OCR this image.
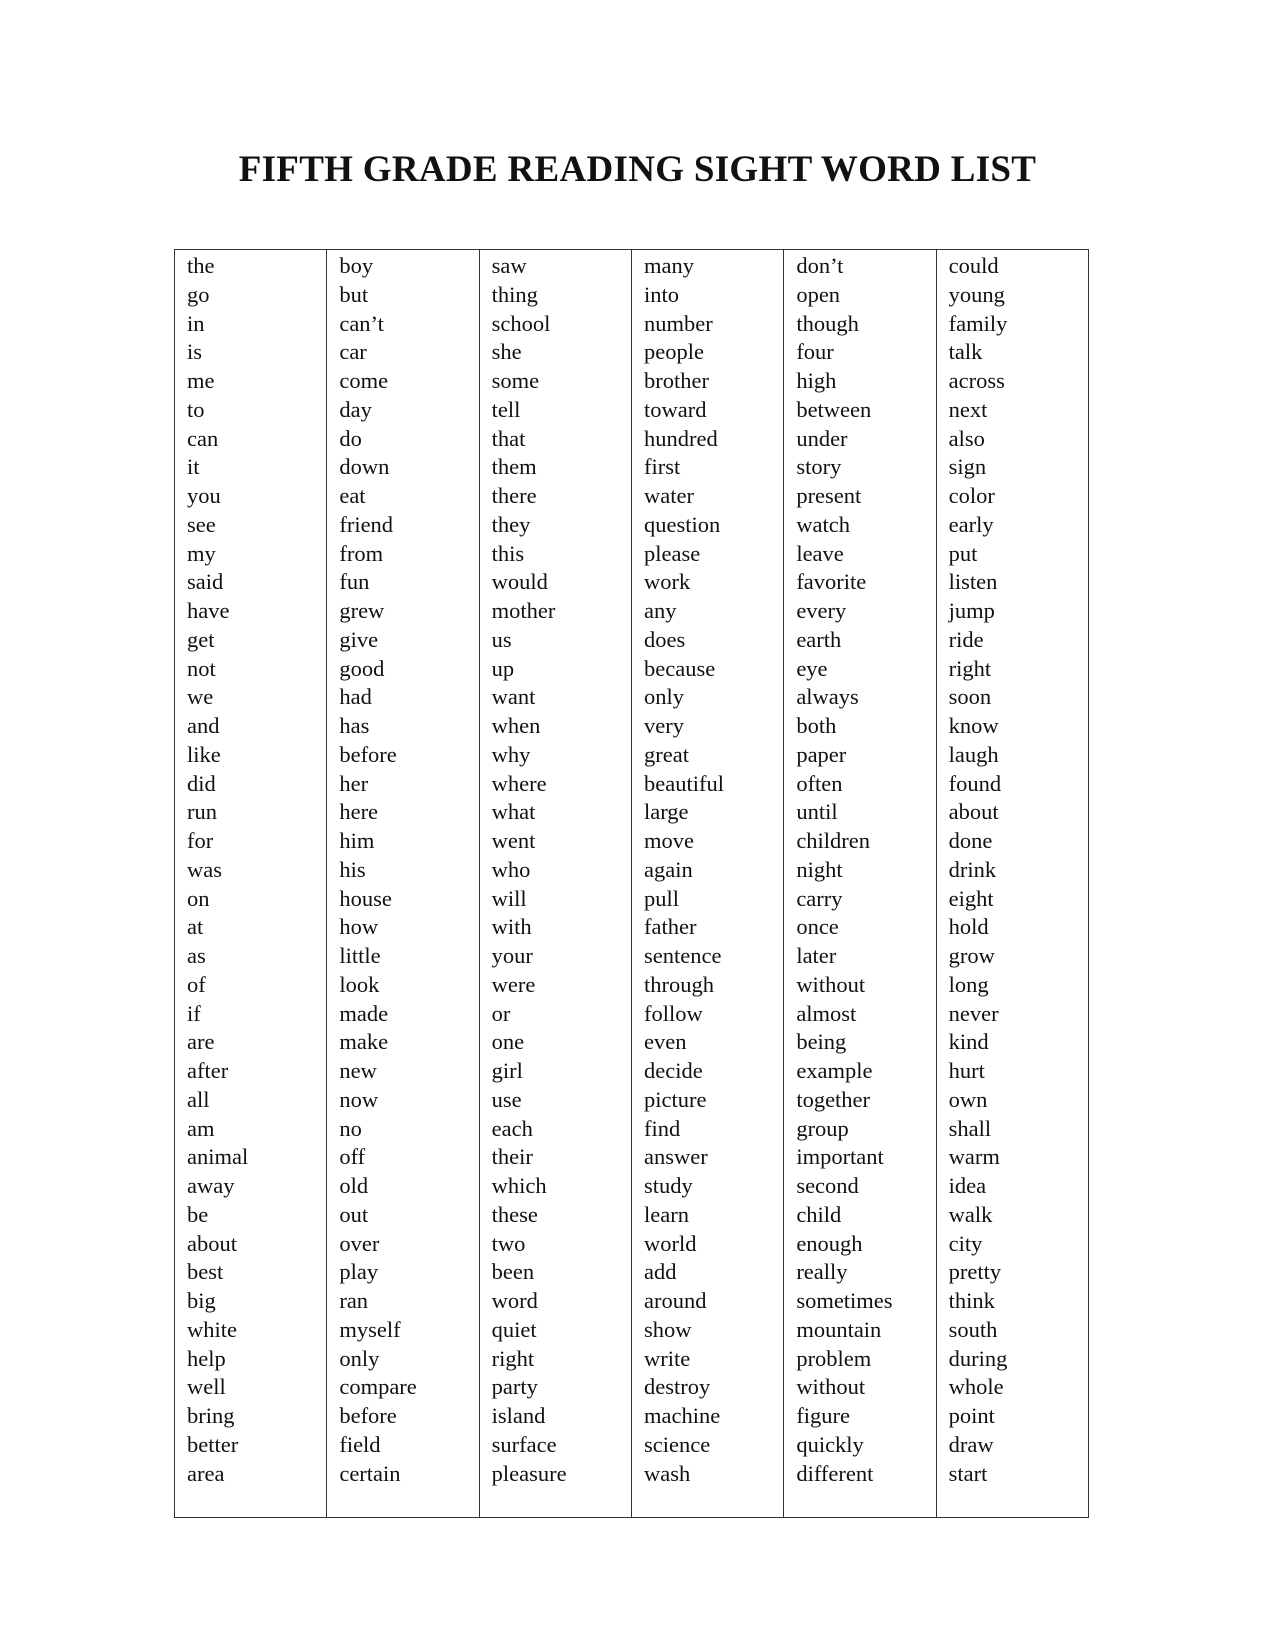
FIFTH GRADE READING SIGHT WORD LIST
the
go
in
is
me
to
can
it
you
see
my
said
have
get
not
we
and
like
did
run
for
was
on
at
as
of
if
are
after
all
am
animal
away
be
about
best
big
white
help
well
bring
better
area
boy
but
can’t
car
come
day
do
down
eat
friend
from
fun
grew
give
good
had
has
before
her
here
him
his
house
how
little
look
made
make
new
now
no
off
old
out
over
play
ran
myself
only
compare
before
field
certain
saw
thing
school
she
some
tell
that
them
there
they
this
would
mother
us
up
want
when
why
where
what
went
who
will
with
your
were
or
one
girl
use
each
their
which
these
two
been
word
quiet
right
party
island
surface
pleasure
many
into
number
people
brother
toward
hundred
first
water
question
please
work
any
does
because
only
very
great
beautiful
large
move
again
pull
father
sentence
through
follow
even
decide
picture
find
answer
study
learn
world
add
around
show
write
destroy
machine
science
wash
don’t
open
though
four
high
between
under
story
present
watch
leave
favorite
every
earth
eye
always
both
paper
often
until
children
night
carry
once
later
without
almost
being
example
together
group
important
second
child
enough
really
sometimes
mountain
problem
without
figure
quickly
different
could
young
family
talk
across
next
also
sign
color
early
put
listen
jump
ride
right
soon
know
laugh
found
about
done
drink
eight
hold
grow
long
never
kind
hurt
own
shall
warm
idea
walk
city
pretty
think
south
during
whole
point
draw
start
